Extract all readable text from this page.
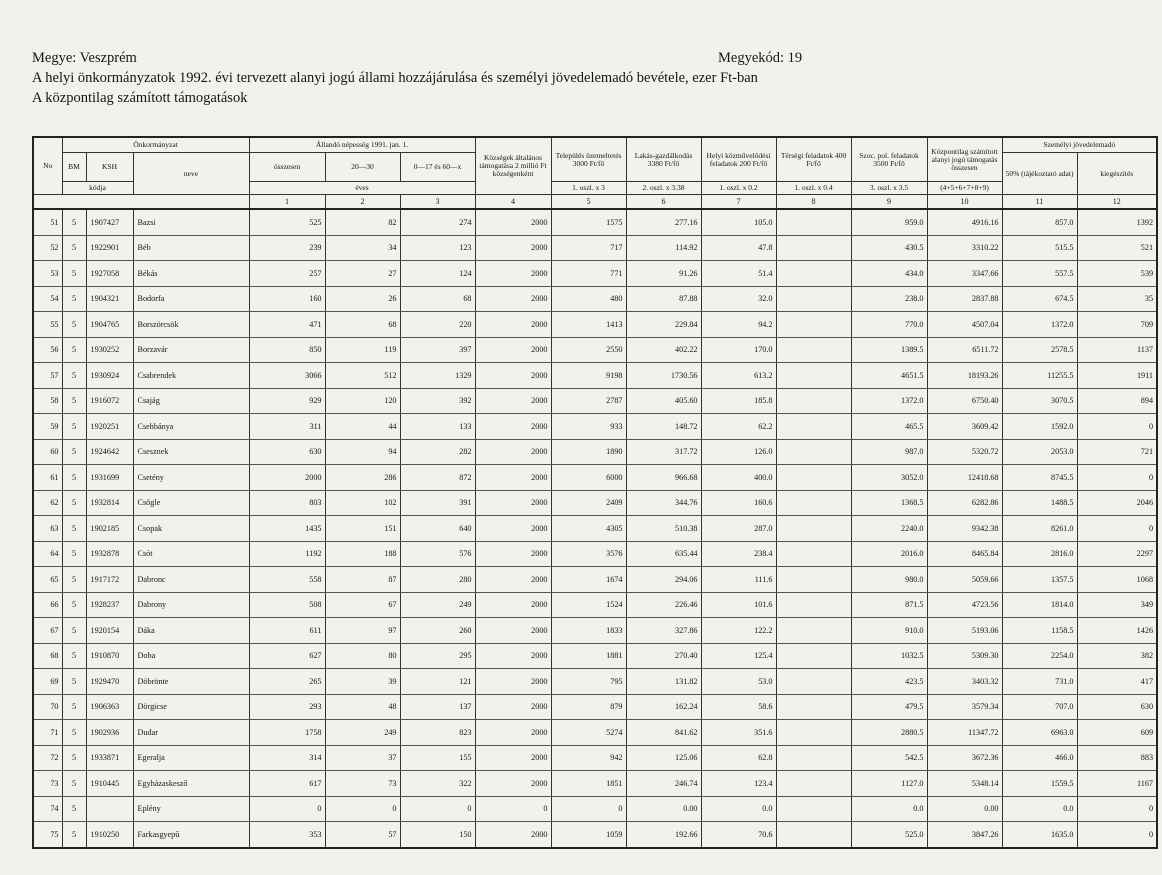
Megye: Veszprém	Megyekód: 19
A helyi önkormányzatok 1992. évi tervezett alanyi jogú állami hozzájárulása és személyi jövedelemadó bevétele, ezer Ft-ban
A központilag számított támogatások
No	Önkormányzat			Állandó népesség 1991. jan. 1.			Községek általános támogatása 2 millió Ft községenként	Település üzemeltetés 3000 Ft/fő	Lakás-gazdálkodás 3380 Ft/fő	Helyi közművelődési feladatok 200 Ft/fő	Térségi feladatok 400 Ft/fő	Szoc. pol. feladatok 3500 Ft/fő	Központilag számított alanyi jogú támogatás összesen	Személyi jövedelemadó	
	BM	KSH	neve	összesen	20—30	0—17 és 60—x								50% (tájékoztató adat)	kiegészítés
	kódja			éves				1. oszl. x 3	2. oszl. x 3.38	1. oszl. x 0.2	1. oszl. x 0.4	3. oszl. x 3.5	(4+5+6+7+8+9)		
				1	2	3	4	5	6	7	8	9	10	11	12
51	5	1907427	Bazsi	525	82	274	2000	1575	277.16	105.0		959.0	4916.16	857.0	1392
52	5	1922901	Béb	239	34	123	2000	717	114.92	47.8		430.5	3310.22	515.5	521
53	5	1927058	Békás	257	27	124	2000	771	91.26	51.4		434.0	3347.66	557.5	539
54	5	1904321	Bodorfa	160	26	68	2000	480	87.88	32.0		238.0	2837.88	674.5	35
55	5	1904765	Borszörcsök	471	68	220	2000	1413	229.84	94.2		770.0	4507.04	1372.0	709
56	5	1930252	Borzavár	850	119	397	2000	2550	402.22	170.0		1389.5	6511.72	2578.5	1137
57	5	1930924	Csabrendek	3066	512	1329	2000	9198	1730.56	613.2		4651.5	18193.26	11255.5	1911
58	5	1916072	Csajág	929	120	392	2000	2787	405.60	185.8		1372.0	6750.40	3070.5	894
59	5	1920251	Csehbánya	311	44	133	2000	933	148.72	62.2		465.5	3609.42	1592.0	0
60	5	1924642	Csesznek	630	94	282	2000	1890	317.72	126.0		987.0	5320.72	2053.0	721
61	5	1931699	Csetény	2000	286	872	2000	6000	966.68	400.0		3052.0	12418.68	8745.5	0
62	5	1932814	Csögle	803	102	391	2000	2409	344.76	160.6		1368.5	6282.86	1488.5	2046
63	5	1902185	Csopak	1435	151	640	2000	4305	510.38	287.0		2240.0	9342.38	8261.0	0
64	5	1932878	Csót	1192	188	576	2000	3576	635.44	238.4		2016.0	8465.84	2816.0	2297
65	5	1917172	Dabronc	558	87	280	2000	1674	294.06	111.6		980.0	5059.66	1357.5	1068
66	5	1928237	Dabrony	508	67	249	2000	1524	226.46	101.6		871.5	4723.56	1814.0	349
67	5	1920154	Dáka	611	97	260	2000	1833	327.86	122.2		910.0	5193.06	1158.5	1426
68	5	1910870	Doba	627	80	295	2000	1881	270.40	125.4		1032.5	5309.30	2254.0	382
69	5	1929470	Döbrönte	265	39	121	2000	795	131.82	53.0		423.5	3403.32	731.0	417
70	5	1906363	Dörgicse	293	48	137	2000	879	162.24	58.6		479.5	3579.34	707.0	630
71	5	1902936	Dudar	1758	249	823	2000	5274	841.62	351.6		2880.5	11347.72	6963.0	609
72	5	1933871	Egeralja	314	37	155	2000	942	125.06	62.8		542.5	3672.36	466.0	883
73	5	1910445	Egyházaskesző	617	73	322	2000	1851	246.74	123.4		1127.0	5348.14	1559.5	1167
74	5		Eplény	0	0	0	0	0	0.00	0.0		0.0	0.00	0.0	0
75	5	1910250	Farkasgyepű	353	57	150	2000	1059	192.66	70.6		525.0	3847.26	1635.0	0
